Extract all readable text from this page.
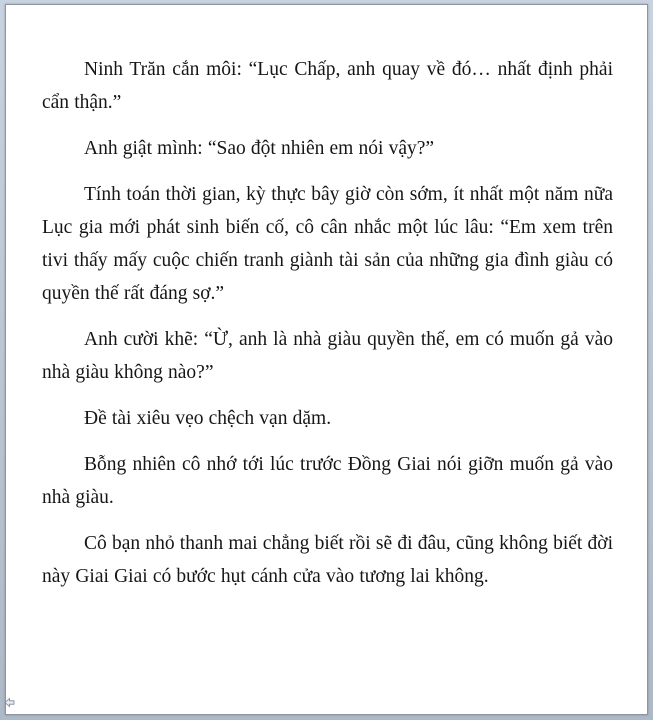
Ninh Trăn cắn môi: “Lục Chấp, anh quay về đó… nhất định phải cẩn thận.”

Anh giật mình: “Sao đột nhiên em nói vậy?”

Tính toán thời gian, kỳ thực bây giờ còn sớm, ít nhất một năm nữa Lục gia mới phát sinh biến cố, cô cân nhắc một lúc lâu: “Em xem trên tivi thấy mấy cuộc chiến tranh giành tài sản của những gia đình giàu có quyền thế rất đáng sợ.”

Anh cười khẽ: “Ừ, anh là nhà giàu quyền thế, em có muốn gả vào nhà giàu không nào?”

Đề tài xiêu vẹo chệch vạn dặm.

Bỗng nhiên cô nhớ tới lúc trước Đồng Giai nói giỡn muốn gả vào nhà giàu.

Cô bạn nhỏ thanh mai chẳng biết rồi sẽ đi đâu, cũng không biết đời này Giai Giai có bước hụt cánh cửa vào tương lai không.
